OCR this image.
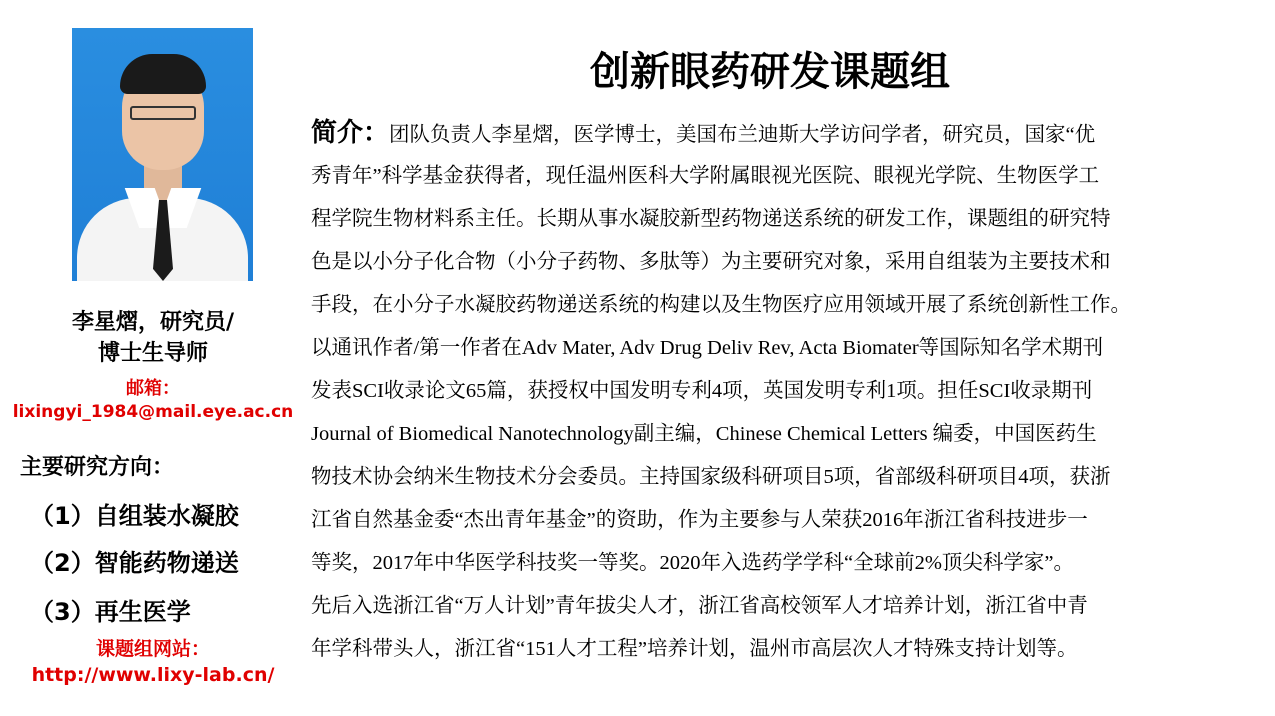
李星熠，研究员/
博士生导师
邮箱：
lixingyi_1984@mail.eye.ac.cn
主要研究方向：
（1）自组装水凝胶
（2）智能药物递送
（3）再生医学
课题组网站：
http://www.lixy-lab.cn/
创新眼药研发课题组
简介：团队负责人李星熠，医学博士，美国布兰迪斯大学访问学者，研究员，国家“优
秀青年”科学基金获得者，现任温州医科大学附属眼视光医院、眼视光学院、生物医学工
程学院生物材料系主任。长期从事水凝胶新型药物递送系统的研发工作，课题组的研究特
色是以小分子化合物（小分子药物、多肽等）为主要研究对象，采用自组装为主要技术和
手段，在小分子水凝胶药物递送系统的构建以及生物医疗应用领域开展了系统创新性工作。
以通讯作者/第一作者在Adv Mater, Adv Drug Deliv Rev, Acta Biomater等国际知名学术期刊
发表SCI收录论文65篇，获授权中国发明专利4项，英国发明专利1项。担任SCI收录期刊
Journal of Biomedical Nanotechnology副主编，Chinese Chemical Letters 编委，中国医药生
物技术协会纳米生物技术分会委员。主持国家级科研项目5项，省部级科研项目4项，获浙
江省自然基金委“杰出青年基金”的资助，作为主要参与人荣获2016年浙江省科技进步一
等奖，2017年中华医学科技奖一等奖。2020年入选药学学科“全球前2%顶尖科学家”。
先后入选浙江省“万人计划”青年拔尖人才，浙江省高校领军人才培养计划，浙江省中青
年学科带头人，浙江省“151人才工程”培养计划，温州市高层次人才特殊支持计划等。
